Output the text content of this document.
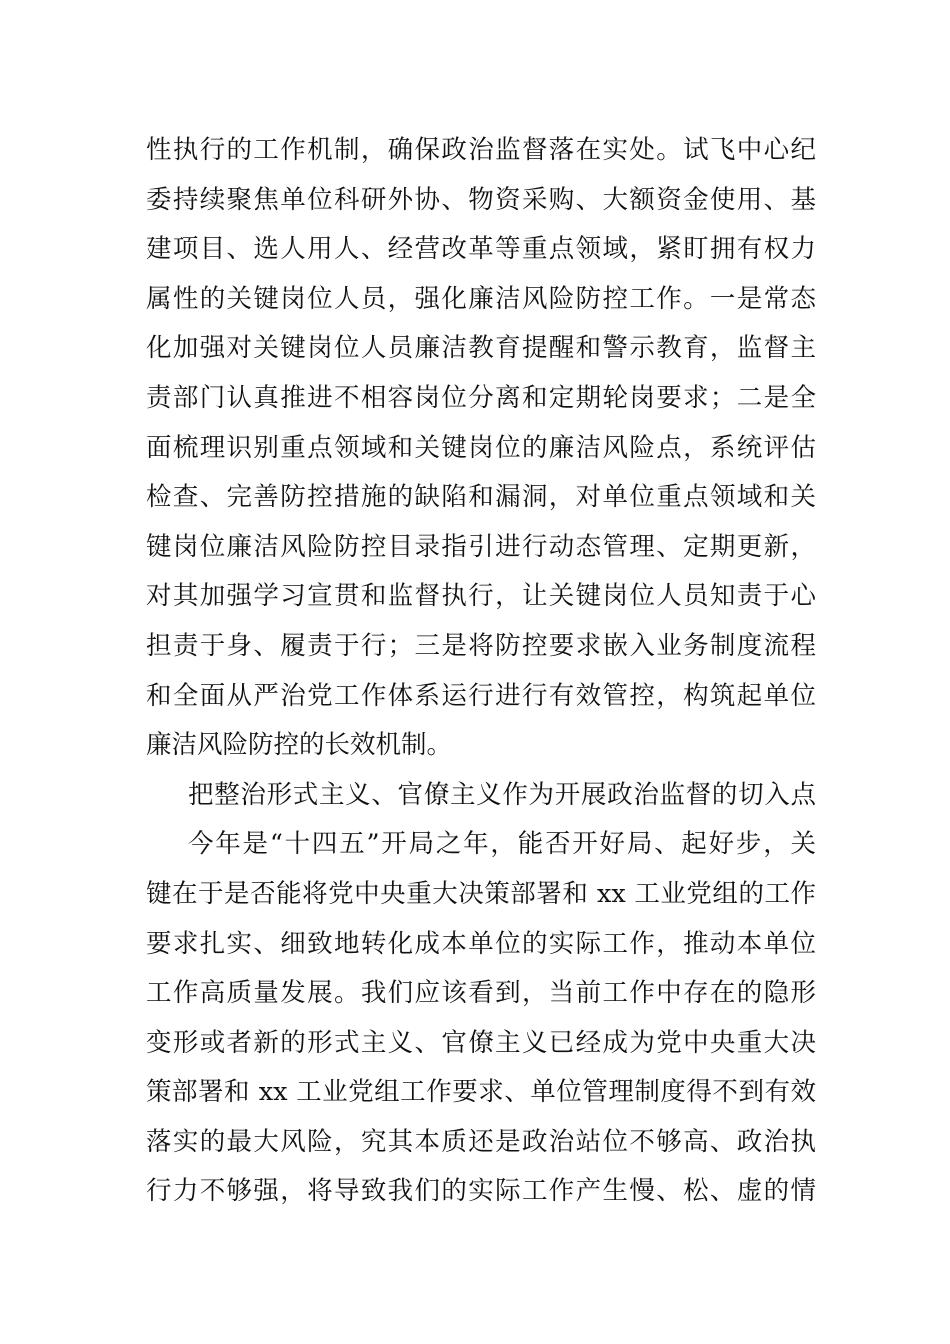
性执行的工作机制，确保政治监督落在实处。试飞中心纪
委持续聚焦单位科研外协、物资采购、大额资金使用、基
建项目、选人用人、经营改革等重点领域，紧盯拥有权力
属性的关键岗位人员，强化廉洁风险防控工作。一是常态
化加强对关键岗位人员廉洁教育提醒和警示教育，监督主
责部门认真推进不相容岗位分离和定期轮岗要求；二是全
面梳理识别重点领域和关键岗位的廉洁风险点，系统评估
检查、完善防控措施的缺陷和漏洞，对单位重点领域和关
键岗位廉洁风险防控目录指引进行动态管理、定期更新，
对其加强学习宣贯和监督执行，让关键岗位人员知责于心
担责于身、履责于行；三是将防控要求嵌入业务制度流程
和全面从严治党工作体系运行进行有效管控，构筑起单位
廉洁风险防控的长效机制。
把整治形式主义、官僚主义作为开展政治监督的切入点
今年是“十四五”开局之年，能否开好局、起好步，关
键在于是否能将党中央重大决策部署和 xx 工业党组的工作
要求扎实、细致地转化成本单位的实际工作，推动本单位
工作高质量发展。我们应该看到，当前工作中存在的隐形
变形或者新的形式主义、官僚主义已经成为党中央重大决
策部署和 xx 工业党组工作要求、单位管理制度得不到有效
落实的最大风险，究其本质还是政治站位不够高、政治执
行力不够强，将导致我们的实际工作产生慢、松、虚的情
